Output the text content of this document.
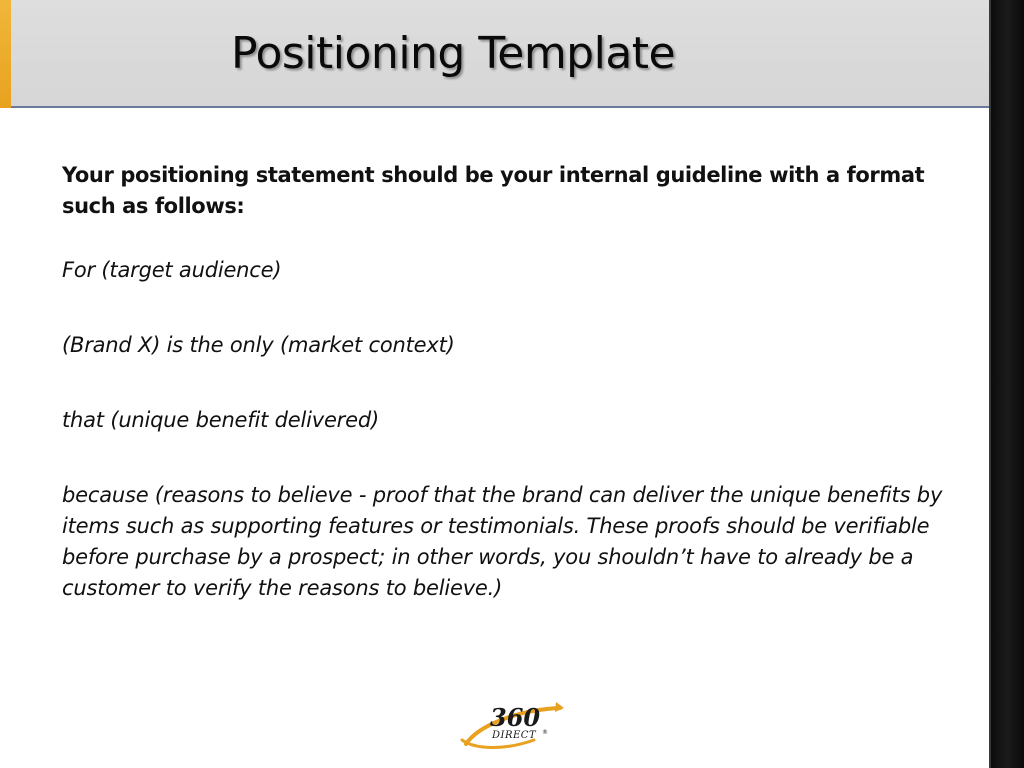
Positioning Template

Your positioning statement should be your internal guideline with a format such as follows:

For (target audience)

(Brand X) is the only (market context)

that (unique benefit delivered)

because (reasons to believe - proof that the brand can deliver the unique benefits by items such as supporting features or testimonials. These proofs should be verifiable before purchase by a prospect; in other words, you shouldn’t have to already be a customer to verify the reasons to believe.)

360
DIRECT ®
